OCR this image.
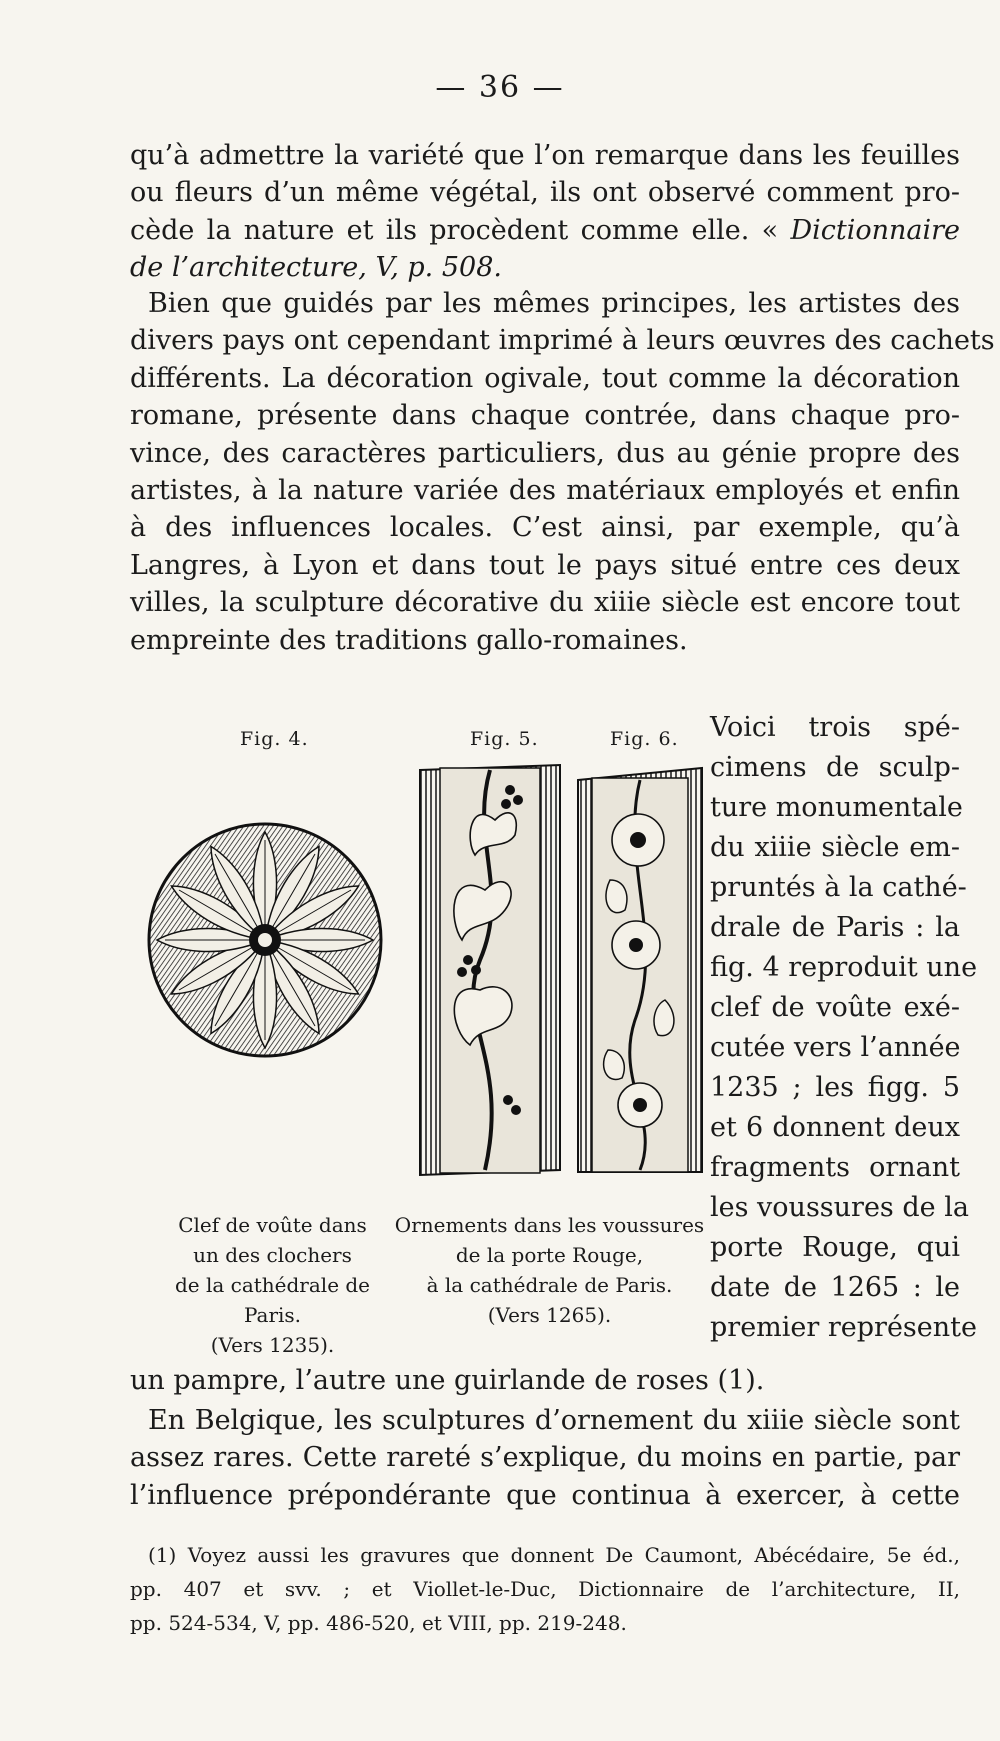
— 36 —
qu’à admettre la variété que l’on remarque dans les feuilles
ou fleurs d’un même végétal, ils ont observé comment pro-
cède la nature et ils procèdent comme elle. « Dictionnaire
de l’architecture, V, p. 508.
Bien que guidés par les mêmes principes, les artistes des
divers pays ont cependant imprimé à leurs œuvres des cachets
différents. La décoration ogivale, tout comme la décoration
romane, présente dans chaque contrée, dans chaque pro-
vince, des caractères particuliers, dus au génie propre des
artistes, à la nature variée des matériaux employés et enfin
à des influences locales. C’est ainsi, par exemple, qu’à
Langres, à Lyon et dans tout le pays situé entre ces deux
villes, la sculpture décorative du xiiie siècle est encore tout
empreinte des traditions gallo-romaines.
Fig. 4.	Fig. 5.	Fig. 6. Voici trois spé-
cimens de sculp-
ture monumentale
du xiiie siècle em-
pruntés à la cathé-
drale de Paris : la
fig. 4 reproduit une
clef de voûte exé-
cutée vers l’année
1235 ; les figg. 5
et 6 donnent deux
fragments ornant
les voussures de la
porte Rouge, qui
date de 1265 : le
premier représente
Clef de voûte dans
un des clochers
de la cathédrale de Paris.
(Vers 1235).
Ornements dans les voussures
de la porte Rouge,
à la cathédrale de Paris.
(Vers 1265).
un pampre, l’autre une guirlande de roses (1).
En Belgique, les sculptures d’ornement du xiiie siècle sont
assez rares. Cette rareté s’explique, du moins en partie, par
l’influence prépondérante que continua à exercer, à cette
(1) Voyez aussi les gravures que donnent De Caumont, Abécédaire, 5e éd.,
pp. 407 et svv. ; et Viollet-le-Duc, Dictionnaire de l’architecture, II,
pp. 524-534, V, pp. 486-520, et VIII, pp. 219-248.
